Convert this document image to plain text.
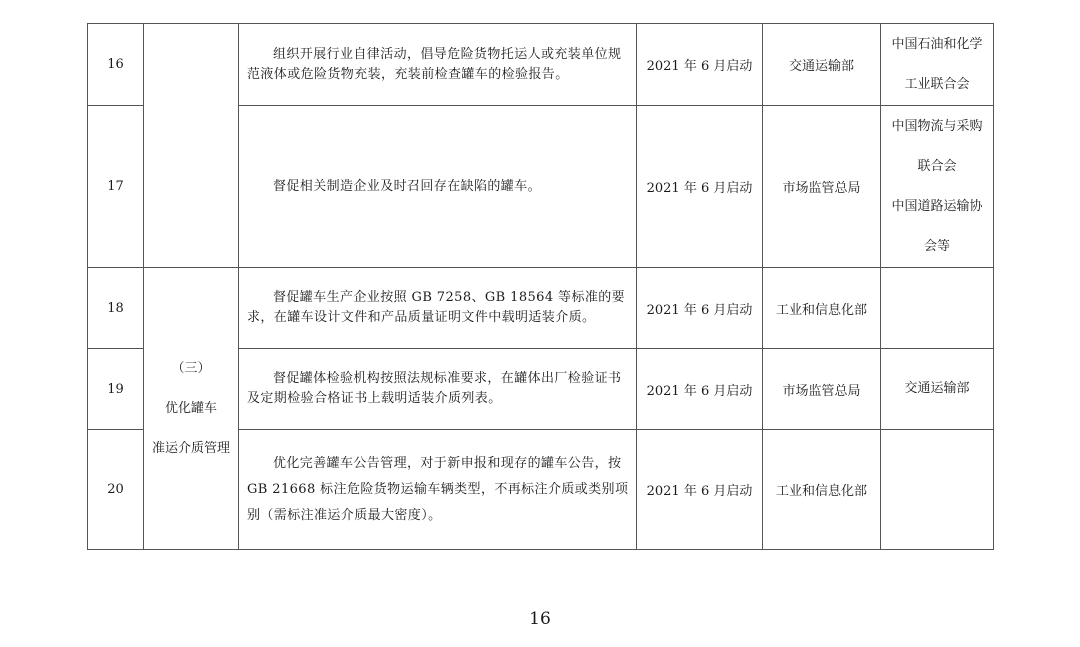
16		组织开展行业自律活动，倡导危险货物托运人或充装单位规范液体或危险货物充装，充装前检查罐车的检验报告。	2021 年 6 月启动	交通运输部	中国石油和化学
工业联合会

17		督促相关制造企业及时召回存在缺陷的罐车。	2021 年 6 月启动	市场监管总局	中国物流与采购
联合会
中国道路运输协
会等

18	（三）
优化罐车
准运介质管理	督促罐车生产企业按照 GB 7258、GB 18564 等标准的要求，在罐车设计文件和产品质量证明文件中载明适装介质。	2021 年 6 月启动	工业和信息化部	
19		督促罐体检验机构按照法规标准要求，在罐体出厂检验证书及定期检验合格证书上载明适装介质列表。	2021 年 6 月启动	市场监管总局	交通运输部

20		优化完善罐车公告管理，对于新申报和现存的罐车公告，按 GB 21668 标注危险货物运输车辆类型，不再标注介质或类别项别（需标注准运介质最大密度）。	2021 年 6 月启动	工业和信息化部	
16
